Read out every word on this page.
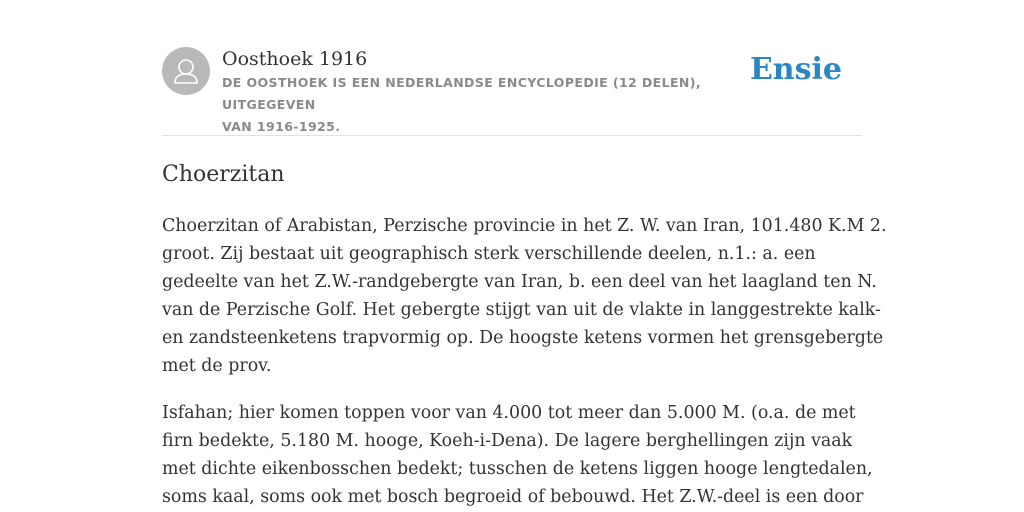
Oosthoek 1916
DE OOSTHOEK IS EEN NEDERLANDSE ENCYCLOPEDIE (12 DELEN), UITGEGEVEN
VAN 1916-1925.
Ensie
Choerzitan

Choerzitan of Arabistan, Perzische provincie in het Z. W. van Iran, 101.480 K.M 2.
groot. Zij bestaat uit geographisch sterk verschillende deelen, n.1.: a. een
gedeelte van het Z.W.-randgebergte van Iran, b. een deel van het laagland ten N.
van de Perzische Golf. Het gebergte stijgt van uit de vlakte in langgestrekte kalk-
en zandsteenketens trapvormig op. De hoogste ketens vormen het grensgebergte
met de prov.

Isfahan; hier komen toppen voor van 4.000 tot meer dan 5.000 M. (o.a. de met
firn bedekte, 5.180 M. hooge, Koeh-i-Dena). De lagere berghellingen zijn vaak
met dichte eikenbosschen bedekt; tusschen de ketens liggen hooge lengtedalen,
soms kaal, soms ook met bosch begroeid of bebouwd. Het Z.W.-deel is een door
